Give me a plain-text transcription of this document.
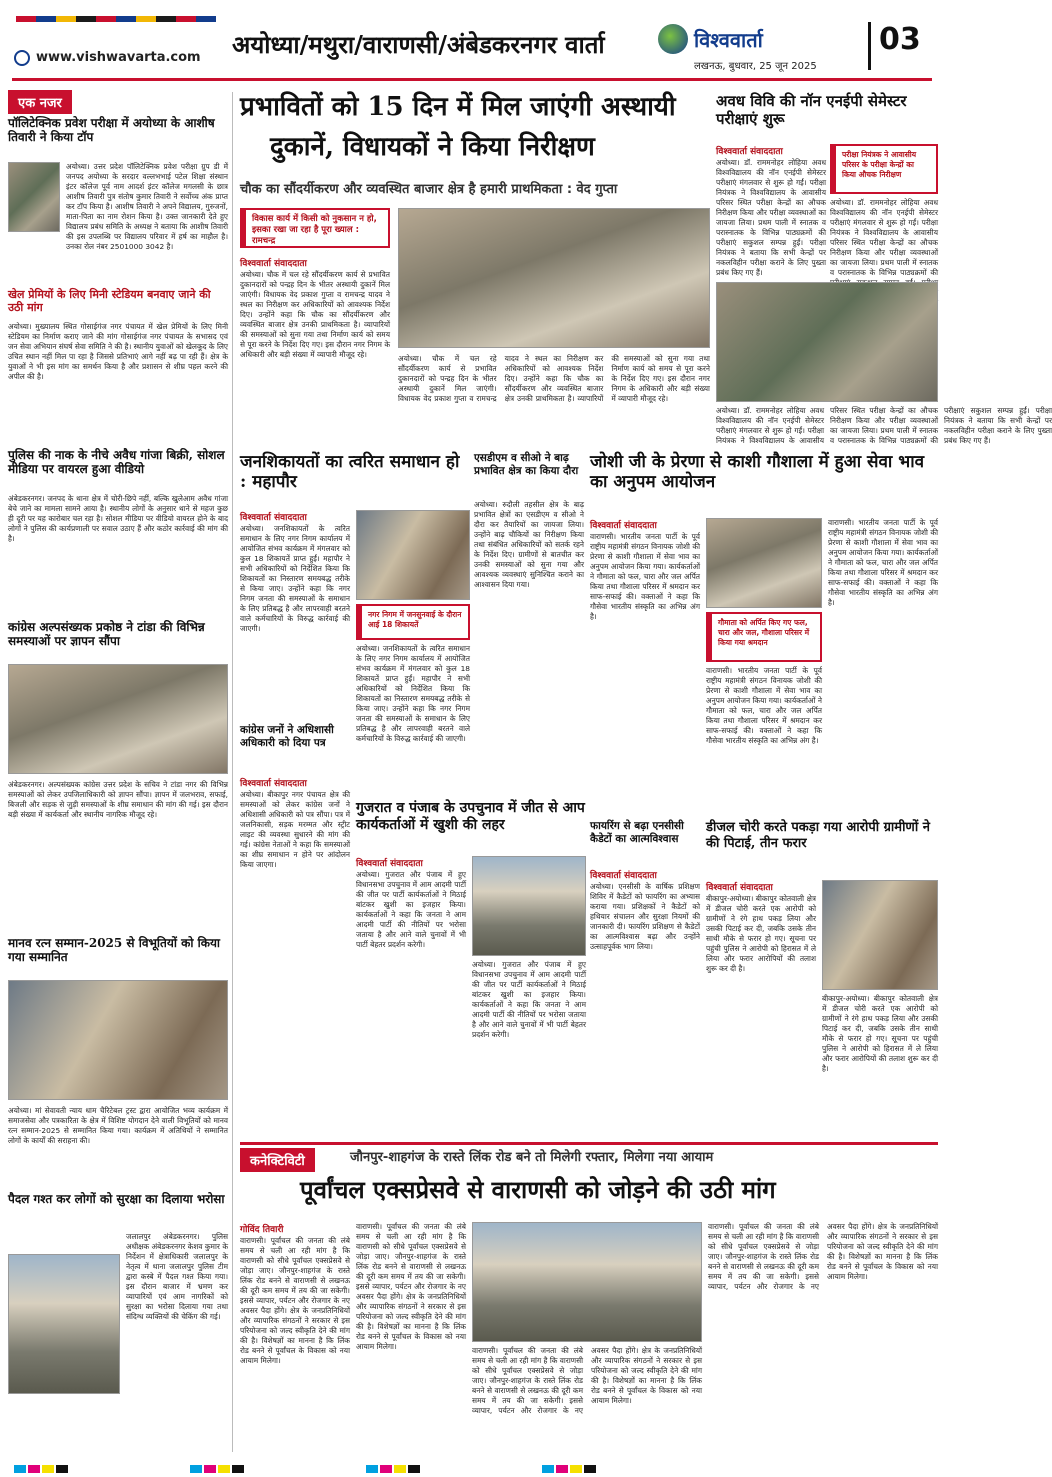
अयोध्या/मथुरा/वाराणसी/अंबेडकरनगर वार्ता	विश्ववार्ता
लखनऊ, बुधवार, 25 जून 2025
03
www.vishwavarta.com
एक नजर
पॉलिटेक्निक प्रवेश परीक्षा में अयोध्या के आशीष तिवारी ने किया टॉप
अयोध्या। उत्तर प्रदेश पॉलिटेक्निक प्रवेश परीक्षा ग्रुप डी में जनपद अयोध्या के सरदार वल्लभभाई पटेल शिक्षा संस्थान इंटर कॉलेज पूर्व नाम आदर्श इंटर कॉलेज मगलसी के छात्र आशीष तिवारी पुत्र संतोष कुमार तिवारी ने सर्वोच्च अंक प्राप्त कर टॉप किया है। आशीष तिवारी ने अपने विद्यालय, गुरुजनों, माता-पिता का नाम रोशन किया है। उक्त जानकारी देते हुए विद्यालय प्रबंध समिति के अध्यक्ष ने बताया कि आशीष तिवारी की इस उपलब्धि पर विद्यालय परिवार में हर्ष का माहौल है। उनका रोल नंबर 2501000 3042 है।
खेल प्रेमियों के लिए मिनी स्टेडियम बनवाए जाने की उठी मांग
अयोध्या। मुख्यालय स्थित गोसाईगंज नगर पंचायत में खेल प्रेमियों के लिए मिनी स्टेडियम का निर्माण कराए जाने की मांग गोसाईगंज नगर पंचायत के सभासद एवं जन सेवा अभियान संघर्ष सेवा समिति ने की है। स्थानीय युवाओं को खेलकूद के लिए उचित स्थान नहीं मिल पा रहा है जिससे प्रतिभाएं आगे नहीं बढ़ पा रही हैं। क्षेत्र के युवाओं ने भी इस मांग का समर्थन किया है और प्रशासन से शीघ्र पहल करने की अपील की है।
पुलिस की नाक के नीचे अवैध गांजा बिक्री, सोशल मीडिया पर वायरल हुआ वीडियो
अंबेडकरनगर। जनपद के थाना क्षेत्र में चोरी-छिपे नहीं, बल्कि खुलेआम अवैध गांजा बेचे जाने का मामला सामने आया है। स्थानीय लोगों के अनुसार थाने से महज कुछ ही दूरी पर यह कारोबार चल रहा है। सोशल मीडिया पर वीडियो वायरल होने के बाद लोगों ने पुलिस की कार्यप्रणाली पर सवाल उठाए हैं और कठोर कार्रवाई की मांग की है।
कांग्रेस अल्पसंख्यक प्रकोष्ठ ने टांडा की विभिन्न समस्याओं पर ज्ञापन सौंपा
अंबेडकरनगर। अल्पसंख्यक कांग्रेस उत्तर प्रदेश के सचिव ने टांडा नगर की विभिन्न समस्याओं को लेकर उपजिलाधिकारी को ज्ञापन सौंपा। ज्ञापन में जलभराव, सफाई, बिजली और सड़क से जुड़ी समस्याओं के शीघ्र समाधान की मांग की गई। इस दौरान बड़ी संख्या में कार्यकर्ता और स्थानीय नागरिक मौजूद रहे।
मानव रत्न सम्मान-2025 से विभूतियों को किया गया सम्मानित
अयोध्या। मां सेवावती न्याय धाम चैरिटेबल ट्रस्ट द्वारा आयोजित भव्य कार्यक्रम में समाजसेवा और पत्रकारिता के क्षेत्र में विशिष्ट योगदान देने वाली विभूतियों को मानव रत्न सम्मान-2025 से सम्मानित किया गया। कार्यक्रम में अतिथियों ने सम्मानित लोगों के कार्यों की सराहना की।
पैदल गश्त कर लोगों को सुरक्षा का दिलाया भरोसा
जलालपुर अंबेडकरनगर। पुलिस अधीक्षक अंबेडकरनगर केशव कुमार के निर्देशन में क्षेत्राधिकारी जलालपुर के नेतृत्व में थाना जलालपुर पुलिस टीम द्वारा कस्बे में पैदल गश्त किया गया। इस दौरान बाजार में भ्रमण कर व्यापारियों एवं आम नागरिकों को सुरक्षा का भरोसा दिलाया गया तथा संदिग्ध व्यक्तियों की चेकिंग की गई।
प्रभावितों को 15 दिन में मिल जाएंगी अस्थायी
दुकानें, विधायकों ने किया निरीक्षण
चौक का सौंदर्यीकरण और व्यवस्थित बाजार क्षेत्र है हमारी प्राथमिकता : वेद गुप्ता
विकास कार्य में किसी को नुकसान न हो, इसका रखा जा रहा है पूरा ख्याल : रामचन्द्र
विश्ववार्ता संवाददाता
अयोध्या। चौक में चल रहे सौंदर्यीकरण कार्य से प्रभावित दुकानदारों को पन्द्रह दिन के भीतर अस्थायी दुकानें मिल जाएंगी। विधायक वेद प्रकाश गुप्ता व रामचन्द्र यादव ने स्थल का निरीक्षण कर अधिकारियों को आवश्यक निर्देश दिए। उन्होंने कहा कि चौक का सौंदर्यीकरण और व्यवस्थित बाजार क्षेत्र उनकी प्राथमिकता है। व्यापारियों की समस्याओं को सुना गया तथा निर्माण कार्य को समय से पूरा करने के निर्देश दिए गए। इस दौरान नगर निगम के अधिकारी और बड़ी संख्या में व्यापारी मौजूद रहे।	अयोध्या। चौक में चल रहे सौंदर्यीकरण कार्य से प्रभावित दुकानदारों को पन्द्रह दिन के भीतर अस्थायी दुकानें मिल जाएंगी। विधायक वेद प्रकाश गुप्ता व रामचन्द्र यादव ने स्थल का निरीक्षण कर अधिकारियों को आवश्यक निर्देश दिए। उन्होंने कहा कि चौक का सौंदर्यीकरण और व्यवस्थित बाजार क्षेत्र उनकी प्राथमिकता है। व्यापारियों की समस्याओं को सुना गया तथा निर्माण कार्य को समय से पूरा करने के निर्देश दिए गए। इस दौरान नगर निगम के अधिकारी और बड़ी संख्या में व्यापारी मौजूद रहे।
अवध विवि की नॉन एनईपी सेमेस्टर परीक्षाएं शुरू
विश्ववार्ता संवाददाता	परीक्षा नियंत्रक ने आवासीय परिसर के परीक्षा केन्द्रों का किया औचक निरीक्षण
अयोध्या। डॉ. राममनोहर लोहिया अवध विश्वविद्यालय की नॉन एनईपी सेमेस्टर परीक्षाएं मंगलवार से शुरू हो गईं। परीक्षा नियंत्रक ने विश्वविद्यालय के आवासीय परिसर स्थित परीक्षा केन्द्रों का औचक निरीक्षण किया और परीक्षा व्यवस्थाओं का जायजा लिया। प्रथम पाली में स्नातक व परास्नातक के विभिन्न पाठ्यक्रमों की परीक्षाएं सकुशल सम्पन्न हुईं। परीक्षा नियंत्रक ने बताया कि सभी केन्द्रों पर नकलविहीन परीक्षा कराने के लिए पुख्ता प्रबंध किए गए हैं।
अयोध्या। डॉ. राममनोहर लोहिया अवध विश्वविद्यालय की नॉन एनईपी सेमेस्टर परीक्षाएं मंगलवार से शुरू हो गईं। परीक्षा नियंत्रक ने विश्वविद्यालय के आवासीय परिसर स्थित परीक्षा केन्द्रों का औचक निरीक्षण किया और परीक्षा व्यवस्थाओं का जायजा लिया। प्रथम पाली में स्नातक व परास्नातक के विभिन्न पाठ्यक्रमों की
अयोध्या। डॉ. राममनोहर लोहिया अवध विश्वविद्यालय की नॉन एनईपी सेमेस्टर परीक्षाएं मंगलवार से शुरू हो गईं। परीक्षा नियंत्रक ने विश्वविद्यालय के आवासीय परिसर स्थित परीक्षा केन्द्रों का औचक निरीक्षण किया और परीक्षा व्यवस्थाओं का जायजा लिया। प्रथम पाली में स्नातक व परास्नातक के विभिन्न पाठ्यक्रमों की परीक्षाएं सकुशल सम्पन्न हुईं। परीक्षा नियंत्रक ने बताया कि सभी केन्द्रों पर नकलविहीन परीक्षा कराने के लिए पुख्ता प्रबंध किए गए हैं।
जनशिकायतों का त्वरित समाधान हो : महापौर
विश्ववार्ता संवाददाता
अयोध्या। जनशिकायतों के त्वरित समाधान के लिए नगर निगम कार्यालय में आयोजित संभव कार्यक्रम में मंगलवार को कुल 18 शिकायतें प्राप्त हुईं। महापौर ने सभी अधिकारियों को निर्देशित किया कि शिकायतों का निस्तारण समयबद्ध तरीके से किया जाए। उन्होंने कहा कि नगर निगम जनता की समस्याओं के समाधान के लिए प्रतिबद्ध है और लापरवाही बरतने वाले कर्मचारियों के विरुद्ध कार्रवाई की जाएगी।
नगर निगम में जनसुनवाई के दौरान आई 18 शिकायतें
अयोध्या। जनशिकायतों के त्वरित समाधान के लिए नगर निगम कार्यालय में आयोजित संभव कार्यक्रम में मंगलवार को कुल 18 शिकायतें प्राप्त हुईं। महापौर ने सभी अधिकारियों को निर्देशित किया कि शिकायतों का निस्तारण समयबद्ध तरीके से किया जाए। उन्होंने कहा कि नगर निगम जनता की समस्याओं के समाधान के लिए प्रतिबद्ध है और लापरवाही बरतने वाले कर्मचारियों के विरुद्ध कार्रवाई की जाएगी।
एसडीएम व सीओ ने बाढ़ प्रभावित क्षेत्र का किया दौरा
अयोध्या। रुदौली तहसील क्षेत्र के बाढ़ प्रभावित क्षेत्रों का एसडीएम व सीओ ने दौरा कर तैयारियों का जायजा लिया। उन्होंने बाढ़ चौकियों का निरीक्षण किया तथा संबंधित अधिकारियों को सतर्क रहने के निर्देश दिए। ग्रामीणों से बातचीत कर उनकी समस्याओं को सुना गया और आवश्यक व्यवस्थाएं सुनिश्चित कराने का आश्वासन दिया गया।
जोशी जी के प्रेरणा से काशी गौशाला में हुआ सेवा भाव का अनुपम आयोजन
विश्ववार्ता संवाददाता
वाराणसी। भारतीय जनता पार्टी के पूर्व राष्ट्रीय महामंत्री संगठन विनायक जोशी की प्रेरणा से काशी गौशाला में सेवा भाव का अनुपम आयोजन किया गया। कार्यकर्ताओं ने गौमाता को फल, चारा और जल अर्पित किया तथा गौशाला परिसर में श्रमदान कर साफ-सफाई की। वक्ताओं ने कहा कि गौसेवा भारतीय संस्कृति का अभिन्न अंग है।
गौमाता को अर्पित किए गए फल, चारा और जल, गौशाला परिसर में किया गया श्रमदान
वाराणसी। भारतीय जनता पार्टी के पूर्व राष्ट्रीय महामंत्री संगठन विनायक जोशी की प्रेरणा से काशी गौशाला में सेवा भाव का अनुपम आयोजन किया गया। कार्यकर्ताओं ने गौमाता को फल, चारा और जल अर्पित किया तथा गौशाला परिसर में श्रमदान कर साफ-सफाई की। वक्ताओं ने कहा कि गौसेवा भारतीय संस्कृति का अभिन्न अंग है।
वाराणसी। भारतीय जनता पार्टी के पूर्व राष्ट्रीय महामंत्री संगठन विनायक जोशी की प्रेरणा से काशी गौशाला में सेवा भाव का अनुपम आयोजन किया गया। कार्यकर्ताओं ने गौमाता को फल, चारा और जल अर्पित किया तथा गौशाला परिसर में श्रमदान कर साफ-सफाई की। वक्ताओं ने कहा कि गौसेवा भारतीय संस्कृति का अभिन्न अंग है।
कांग्रेस जनों ने अधिशासी अधिकारी को दिया पत्र
विश्ववार्ता संवाददाता
अयोध्या। बीकापुर नगर पंचायत क्षेत्र की समस्याओं को लेकर कांग्रेस जनों ने अधिशासी अधिकारी को पत्र सौंपा। पत्र में जलनिकासी, सड़क मरम्मत और स्ट्रीट लाइट की व्यवस्था सुधारने की मांग की गई। कांग्रेस नेताओं ने कहा कि समस्याओं का शीघ्र समाधान न होने पर आंदोलन किया जाएगा।
गुजरात व पंजाब के उपचुनाव में जीत से आप कार्यकर्ताओं में खुशी की लहर
विश्ववार्ता संवाददाता
अयोध्या। गुजरात और पंजाब में हुए विधानसभा उपचुनाव में आम आदमी पार्टी की जीत पर पार्टी कार्यकर्ताओं ने मिठाई बांटकर खुशी का इजहार किया। कार्यकर्ताओं ने कहा कि जनता ने आम आदमी पार्टी की नीतियों पर भरोसा जताया है और आने वाले चुनावों में भी पार्टी बेहतर प्रदर्शन करेगी।
अयोध्या। गुजरात और पंजाब में हुए विधानसभा उपचुनाव में आम आदमी पार्टी की जीत पर पार्टी कार्यकर्ताओं ने मिठाई बांटकर खुशी का इजहार किया। कार्यकर्ताओं ने कहा कि जनता ने आम आदमी पार्टी की नीतियों पर भरोसा जताया है और आने वाले चुनावों में भी पार्टी बेहतर प्रदर्शन करेगी।
फायरिंग से बढ़ा एनसीसी कैडेटों का आत्मविश्वास
विश्ववार्ता संवाददाता
अयोध्या। एनसीसी के वार्षिक प्रशिक्षण शिविर में कैडेटों को फायरिंग का अभ्यास कराया गया। प्रशिक्षकों ने कैडेटों को हथियार संचालन और सुरक्षा नियमों की जानकारी दी। फायरिंग प्रशिक्षण से कैडेटों का आत्मविश्वास बढ़ा और उन्होंने उत्साहपूर्वक भाग लिया।
डीजल चोरी करते पकड़ा गया आरोपी ग्रामीणों ने की पिटाई, तीन फरार
विश्ववार्ता संवाददाता
बीकापुर-अयोध्या। बीकापुर कोतवाली क्षेत्र में डीजल चोरी करते एक आरोपी को ग्रामीणों ने रंगे हाथ पकड़ लिया और उसकी पिटाई कर दी, जबकि उसके तीन साथी मौके से फरार हो गए। सूचना पर पहुंची पुलिस ने आरोपी को हिरासत में ले लिया और फरार आरोपियों की तलाश शुरू कर दी है।
बीकापुर-अयोध्या। बीकापुर कोतवाली क्षेत्र में डीजल चोरी करते एक आरोपी को ग्रामीणों ने रंगे हाथ पकड़ लिया और उसकी पिटाई कर दी, जबकि उसके तीन साथी मौके से फरार हो गए। सूचना पर पहुंची पुलिस ने आरोपी को हिरासत में ले लिया और फरार आरोपियों की तलाश शुरू कर दी है।
कनेक्टिविटी	जौनपुर-शाहगंज के रास्ते लिंक रोड बने तो मिलेगी रफ्तार, मिलेगा नया आयाम
पूर्वांचल एक्सप्रेसवे से वाराणसी को जोड़ने की उठी मांग
गोविंद तिवारी
वाराणसी। पूर्वांचल की जनता की लंबे समय से चली आ रही मांग है कि वाराणसी को सीधे पूर्वांचल एक्सप्रेसवे से जोड़ा जाए। जौनपुर-शाहगंज के रास्ते लिंक रोड बनने से वाराणसी से लखनऊ की दूरी कम समय में तय की जा सकेगी। इससे व्यापार, पर्यटन और रोजगार के नए अवसर पैदा होंगे। क्षेत्र के जनप्रतिनिधियों और व्यापारिक संगठनों ने सरकार से इस परियोजना को जल्द स्वीकृति देने की मांग की है। विशेषज्ञों का मानना है कि लिंक रोड बनने से पूर्वांचल के विकास को नया आयाम मिलेगा।
वाराणसी। पूर्वांचल की जनता की लंबे समय से चली आ रही मांग है कि वाराणसी को सीधे पूर्वांचल एक्सप्रेसवे से जोड़ा जाए। जौनपुर-शाहगंज के रास्ते लिंक रोड बनने से वाराणसी से लखनऊ की दूरी कम समय में तय की जा सकेगी। इससे व्यापार, पर्यटन और रोजगार के नए अवसर पैदा होंगे। क्षेत्र के जनप्रतिनिधियों और व्यापारिक संगठनों ने सरकार से इस परियोजना को जल्द स्वीकृति देने की मांग की है। विशेषज्ञों का मानना है कि लिंक रोड बनने से पूर्वांचल के विकास को नया आयाम मिलेगा।	वाराणसी। पूर्वांचल की जनता की लंबे समय से चली आ रही मांग है कि वाराणसी को सीधे पूर्वांचल एक्सप्रेसवे से जोड़ा जाए। जौनपुर-शाहगंज के रास्ते लिंक रोड बनने से वाराणसी से लखनऊ की दूरी कम समय में तय की जा सकेगी। इससे व्यापार, पर्यटन और रोजगार के नए अवसर पैदा होंगे। क्षेत्र के जनप्रतिनिधियों और व्यापारिक संगठनों ने सरकार से इस परियोजना को जल्द स्वीकृति देने की मांग की है। विशेषज्ञों का मानना है कि लिंक रोड बनने से पूर्वांचल के विकास को नया आयाम मिलेगा।
वाराणसी। पूर्वांचल की जनता की लंबे समय से चली आ रही मांग है कि वाराणसी को सीधे पूर्वांचल एक्सप्रेसवे से जोड़ा जाए। जौनपुर-शाहगंज के रास्ते लिंक रोड बनने से वाराणसी से लखनऊ की दूरी कम समय में तय की जा सकेगी। इससे व्यापार, पर्यटन और रोजगार के नए अवसर पैदा होंगे। क्षेत्र के जनप्रतिनिधियों और व्यापारिक संगठनों ने सरकार से इस परियोजना को जल्द स्वीकृति देने की मांग की है। विशेषज्ञों का मानना है कि लिंक रोड बनने से पूर्वांचल के विकास को नया आयाम मिलेगा।
